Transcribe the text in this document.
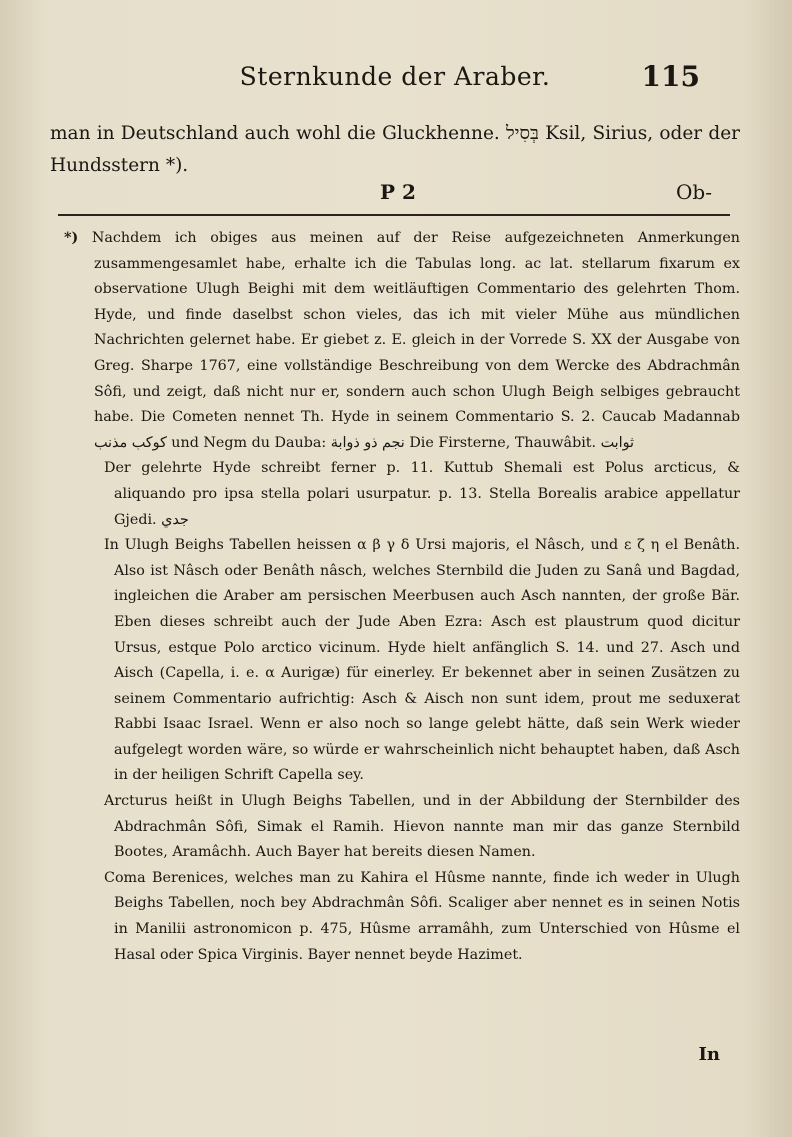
Sternkunde der Araber.	115

man in Deutschland auch wohl die Gluckhenne. בְּסִיל Ksil, Sirius, oder der Hundsstern *).

P 2	Ob-

*) Nachdem ich obiges aus meinen auf der Reise aufgezeichneten Anmerkungen zusammengesamlet habe, erhalte ich die Tabulas long. ac lat. stellarum fixarum ex observatione Ulugh Beighi mit dem weitläuftigen Commentario des gelehrten Thom. Hyde, und finde daselbst schon vieles, das ich mit vieler Mühe aus mündlichen Nachrichten gelernet habe. Er giebet z. E. gleich in der Vorrede S. XX der Ausgabe von Greg. Sharpe 1767, eine vollständige Beschreibung von dem Wercke des Abdrachmân Sôfi, und zeigt, daß nicht nur er, sondern auch schon Ulugh Beigh selbiges gebraucht habe. Die Cometen nennet Th. Hyde in seinem Commentario S. 2. Caucab Madannab كوكب مذنب und Negm du Dauba: نجم ذو ذوابة Die Firsterne, Thauwâbit. ثوابت

Der gelehrte Hyde schreibt ferner p. 11. Kuttub Shemali est Polus arcticus, & aliquando pro ipsa stella polari usurpatur. p. 13. Stella Borealis arabice appellatur Gjedi. جدي

In Ulugh Beighs Tabellen heissen α β γ δ Ursi majoris, el Nâsch, und ε ζ η el Benâth. Also ist Nâsch oder Benâth nâsch, welches Sternbild die Juden zu Sanâ und Bagdad, ingleichen die Araber am persischen Meerbusen auch Asch nannten, der große Bär. Eben dieses schreibt auch der Jude Aben Ezra: Asch est plaustrum quod dicitur Ursus, estque Polo arctico vicinum. Hyde hielt anfänglich S. 14. und 27. Asch und Aisch (Capella, i. e. α Aurigæ) für einerley. Er bekennet aber in seinen Zusätzen zu seinem Commentario aufrichtig: Asch & Aisch non sunt idem, prout me seduxerat Rabbi Isaac Israel. Wenn er also noch so lange gelebt hätte, daß sein Werk wieder aufgelegt worden wäre, so würde er wahrscheinlich nicht behauptet haben, daß Asch in der heiligen Schrift Capella sey.

Arcturus heißt in Ulugh Beighs Tabellen, und in der Abbildung der Sternbilder des Abdrachmân Sôfi, Simak el Ramih. Hievon nannte man mir das ganze Sternbild Bootes, Aramâchh. Auch Bayer hat bereits diesen Namen.

Coma Berenices, welches man zu Kahira el Hûsme nannte, finde ich weder in Ulugh Beighs Tabellen, noch bey Abdrachmân Sôfi. Scaliger aber nennet es in seinen Notis in Manilii astronomicon p. 475, Hûsme arramâhh, zum Unterschied von Hûsme el Hasal oder Spica Virginis. Bayer nennet beyde Hazimet.

In
